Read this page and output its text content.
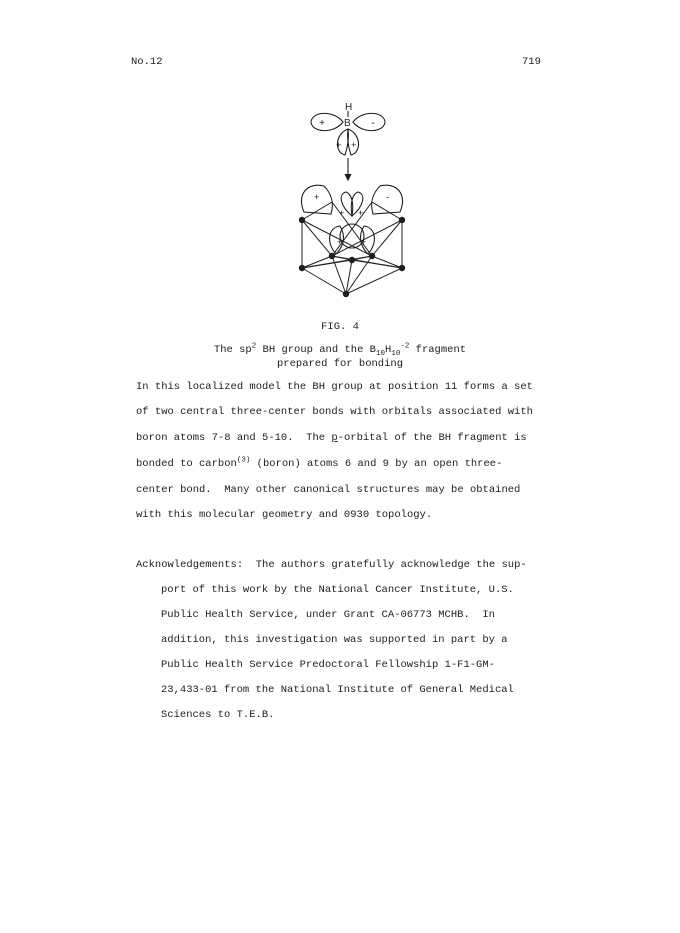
No.12	719
H
B
+	-
+ +
+	-
+ +
+ +
FIG. 4
The $sp^2$ BH group and the $B_{10}H_{10}^{-2}$ fragment
prepared for bonding
In this localized model the BH group at position 11 forms a set
of two central three-center bonds with orbitals associated with
boron atoms 7-8 and 5-10. The p-orbital of the BH fragment is
bonded to carbon$^{(3)}$ (boron) atoms 6 and 9 by an open three-
center bond.  Many other canonical structures may be obtained
with this molecular geometry and 0930 topology.
Acknowledgements: The authors gratefully acknowledge the sup-
port of this work by the National Cancer Institute, U.S.
Public Health Service, under Grant CA-06773 MCHB.  In
addition, this investigation was supported in part by a
Public Health Service Predoctoral Fellowship 1-F1-GM-
23,433-01 from the National Institute of General Medical
Sciences to T.E.B.
